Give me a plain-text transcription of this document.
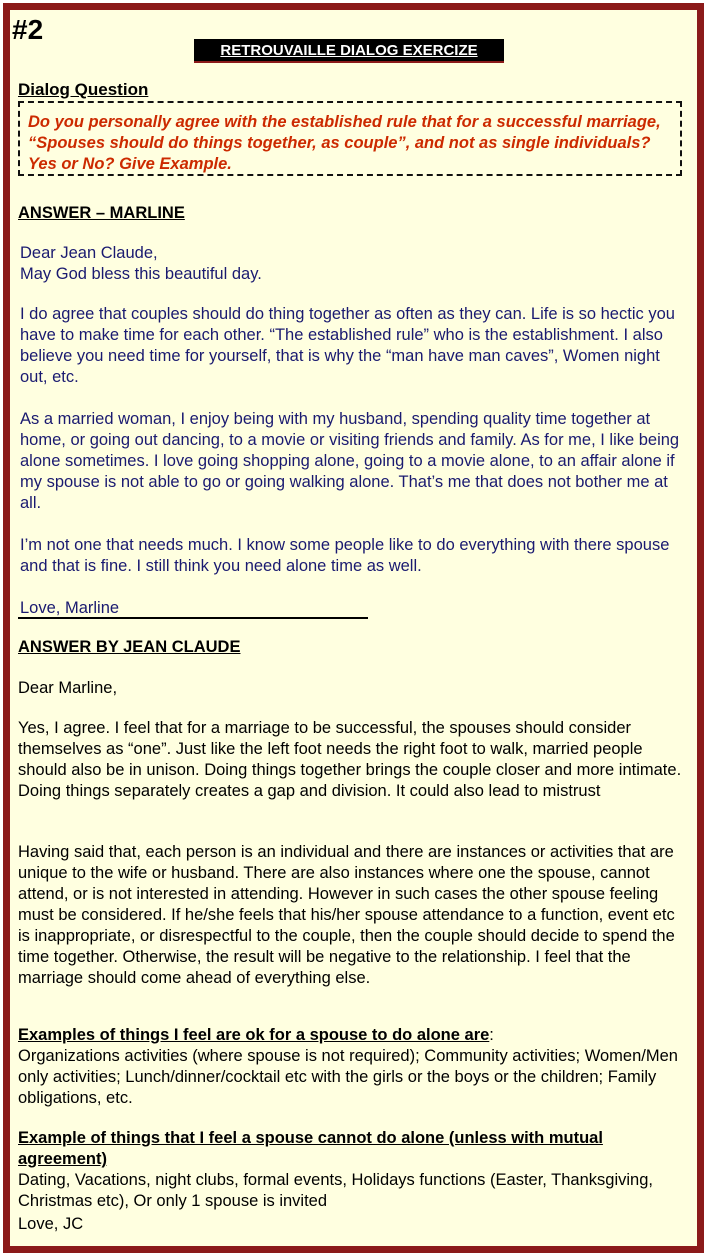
#2
RETROUVAILLE DIALOG EXERCIZE
Dialog Question
Do you personally agree with the established rule that for a successful marriage, “Spouses should do things together, as couple”, and not as single individuals? Yes or No? Give Example.
ANSWER – MARLINE

Dear Jean Claude,

May God bless this beautiful day.

I do agree that couples should do thing together as often as they can. Life is so hectic you have to make time for each other. “The established rule” who is the establishment. I also believe you need time for yourself, that is why the “man have man caves”, Women night out, etc.
As a married woman, I enjoy being with my husband, spending quality time together at home, or going out dancing, to a movie or visiting friends and family. As for me, I like being alone sometimes. I love going shopping alone, going to a movie alone, to an affair alone if my spouse is not able to go or going walking alone. That’s me that does not bother me at all.
I’m not one that needs much. I know some people like to do everything with there spouse and that is fine. I still think you need alone time as well.
Love, Marline
ANSWER BY JEAN CLAUDE
Dear Marline,
Yes, I agree. I feel that for a marriage to be successful, the spouses should consider themselves as “one”. Just like the left foot needs the right foot to walk, married people should also be in unison. Doing things together brings the couple closer and more intimate. Doing things separately creates a gap and division. It could also lead to mistrust
Having said that, each person is an individual and there are instances or activities that are unique to the wife or husband. There are also instances where one the spouse, cannot attend, or is not interested in attending. However in such cases the other spouse feeling must be considered. If he/she feels that his/her spouse attendance to a function, event etc is inappropriate, or disrespectful to the couple, then the couple should decide to spend the time together. Otherwise, the result will be negative to the relationship. I feel that the marriage should come ahead of everything else.

Examples of things I feel are ok for a spouse to do alone are:

Organizations activities (where spouse is not required); Community activities; Women/Men only activities; Lunch/dinner/cocktail etc with the girls or the boys or the children; Family obligations, etc.

Example of things that I feel a spouse cannot do alone (unless with mutual agreement)

Dating, Vacations, night clubs, formal events, Holidays functions (Easter, Thanksgiving, Christmas etc), Or only 1 spouse is invited

Love, JC
